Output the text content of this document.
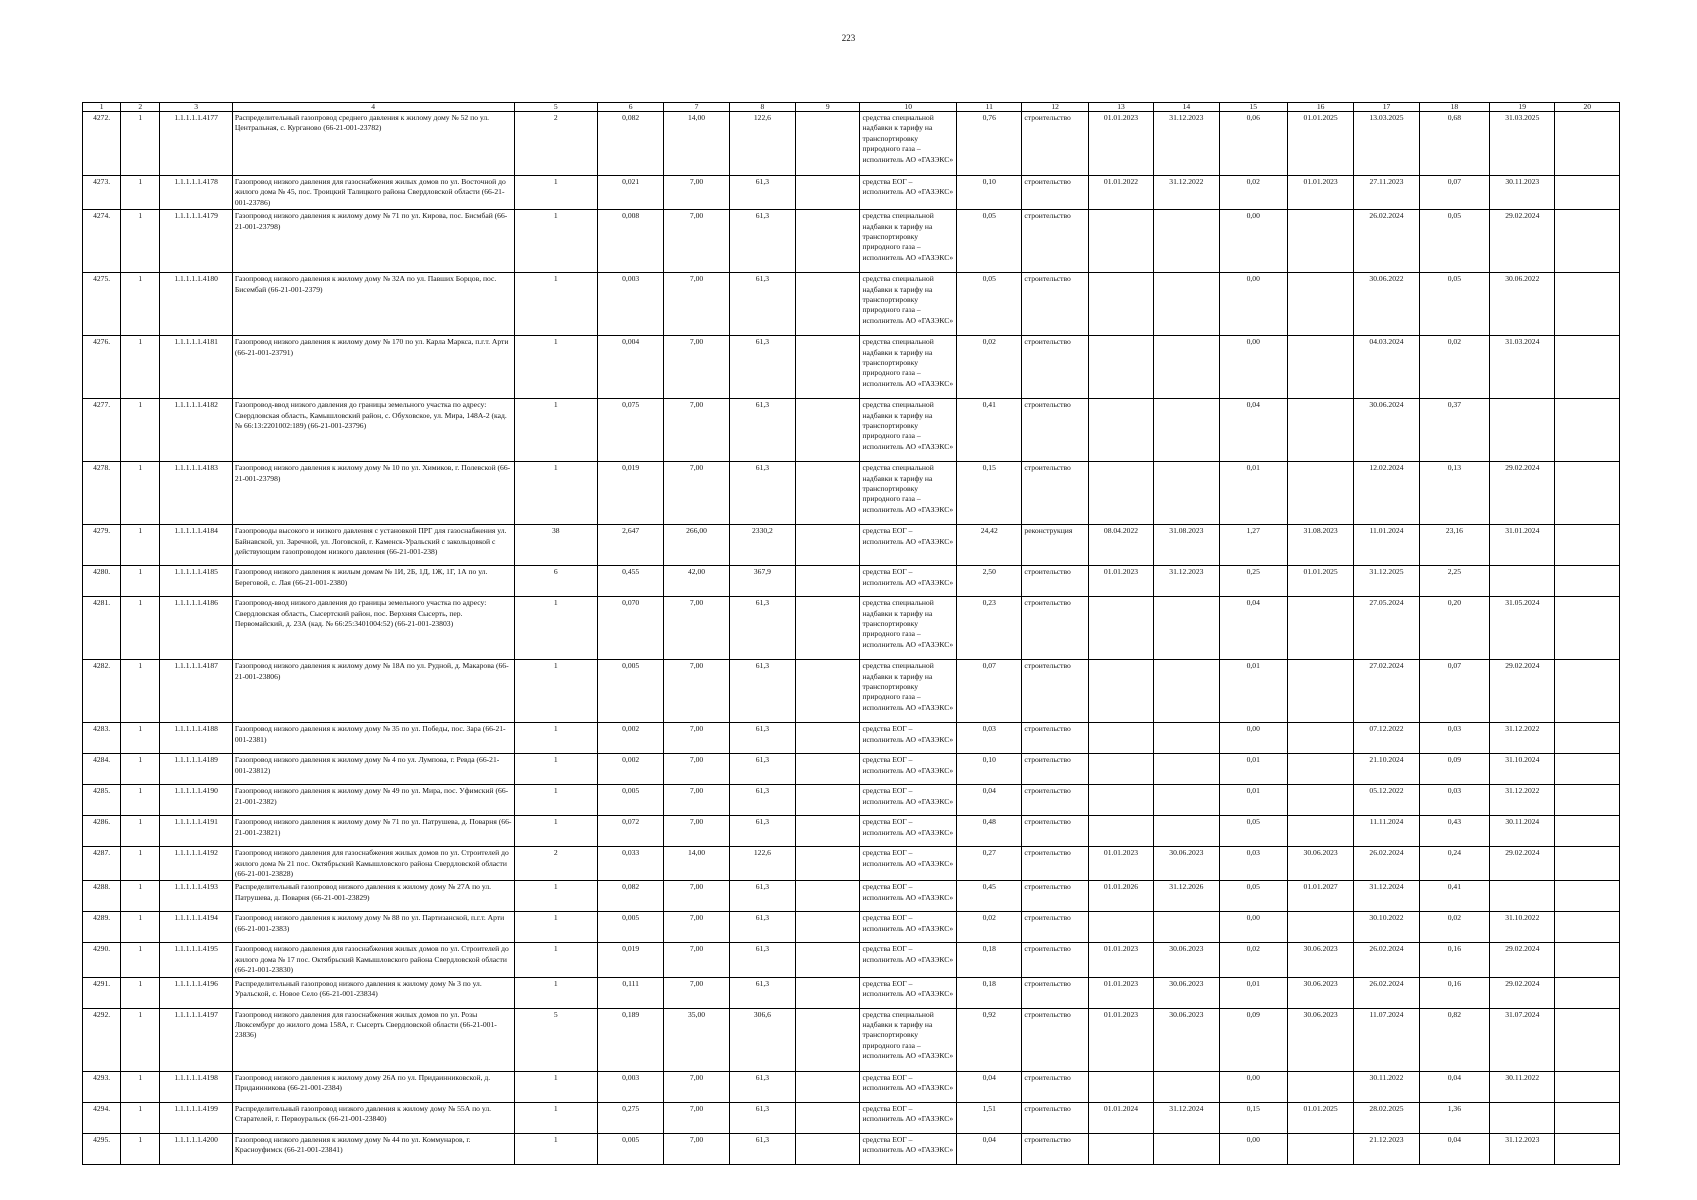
223
1	2	3	4	5	6	7	8	9	10	11	12	13	14	15	16	17	18	19	20
4272.	1	1.1.1.1.1.4177	Распределительный газопровод среднего давления к жилому дому № 52 по ул. Центральная, с. Курганово (66-21-001-23782)	2	0,082	14,00	122,6		средства специальной надбавки к тарифу на транспортировку природного газа – исполнитель АО «ГАЗЭКС»	0,76	строительство	01.01.2023	31.12.2023	0,06	01.01.2025	13.03.2025	0,68	31.03.2025	
4273.	1	1.1.1.1.1.4178	Газопровод низкого давления для газоснабжения жилых домов по ул. Восточной до жилого дома № 45, пос. Троицкий Талицкого района Свердловской области (66-21-001-23786)	1	0,021	7,00	61,3		средства ЕОГ – исполнитель АО «ГАЗЭКС»	0,10	строительство	01.01.2022	31.12.2022	0,02	01.01.2023	27.11.2023	0,07	30.11.2023	
4274.	1	1.1.1.1.1.4179	Газопровод низкого давления к жилому дому № 71 по ул. Кирова, пос. Бисмбай (66-21-001-23798)	1	0,008	7,00	61,3		средства специальной надбавки к тарифу на транспортировку природного газа – исполнитель АО «ГАЗЭКС»	0,05	строительство			0,00		26.02.2024	0,05	29.02.2024	
4275.	1	1.1.1.1.1.4180	Газопровод низкого давления к жилому дому № 32А по ул. Павших Борцов, пос. Бисембай (66-21-001-2379)	1	0,003	7,00	61,3		средства специальной надбавки к тарифу на транспортировку природного газа – исполнитель АО «ГАЗЭКС»	0,05	строительство			0,00		30.06.2022	0,05	30.06.2022	
4276.	1	1.1.1.1.1.4181	Газопровод низкого давления к жилому дому № 170 по ул. Карла Маркса, п.г.т. Арти (66-21-001-23791)	1	0,004	7,00	61,3		средства специальной надбавки к тарифу на транспортировку природного газа – исполнитель АО «ГАЗЭКС»	0,02	строительство			0,00		04.03.2024	0,02	31.03.2024	
4277.	1	1.1.1.1.1.4182	Газопровод-ввод низкого давления до границы земельного участка по адресу: Свердловская область, Камышловский район, с. Обуховское, ул. Мира, 148А-2 (кад. № 66:13:2201002:189) (66-21-001-23796)	1	0,075	7,00	61,3		средства специальной надбавки к тарифу на транспортировку природного газа – исполнитель АО «ГАЗЭКС»	0,41	строительство			0,04		30.06.2024	0,37		
4278.	1	1.1.1.1.1.4183	Газопровод низкого давления к жилому дому № 10 по ул. Химиков, г. Полевской (66-21-001-23798)	1	0,019	7,00	61,3		средства специальной надбавки к тарифу на транспортировку природного газа – исполнитель АО «ГАЗЭКС»	0,15	строительство			0,01		12.02.2024	0,13	29.02.2024	
4279.	1	1.1.1.1.1.4184	Газопроводы высокого и низкого давления с установкой ПРГ для газоснабжения ул. Байнавской, ул. Заречной, ул. Логовской, г. Каменск-Уральский с закольцовкой с действующим газопроводом низкого давления (66-21-001-238)	38	2,647	266,00	2330,2		средства ЕОГ – исполнитель АО «ГАЗЭКС»	24,42	реконструкция	08.04.2022	31.08.2023	1,27	31.08.2023	11.01.2024	23,16	31.01.2024	
4280.	1	1.1.1.1.1.4185	Газопровод низкого давления к жилым домам № 1И, 2Б, 1Д, 1Ж, 1Г, 1А по ул. Береговой, с. Лая (66-21-001-2380)	6	0,455	42,00	367,9		средства ЕОГ – исполнитель АО «ГАЗЭКС»	2,50	строительство	01.01.2023	31.12.2023	0,25	01.01.2025	31.12.2025	2,25		
4281.	1	1.1.1.1.1.4186	Газопровод-ввод низкого давления до границы земельного участка по адресу: Свердловская область, Сысертский район, пос. Верхняя Сысерть, пер. Первомайский, д. 23А (кад. № 66:25:3401004:52) (66-21-001-23803)	1	0,070	7,00	61,3		средства специальной надбавки к тарифу на транспортировку природного газа – исполнитель АО «ГАЗЭКС»	0,23	строительство			0,04		27.05.2024	0,20	31.05.2024	
4282.	1	1.1.1.1.1.4187	Газопровод низкого давления к жилому дому № 18А по ул. Рудной, д. Макарова (66-21-001-23806)	1	0,005	7,00	61,3		средства специальной надбавки к тарифу на транспортировку природного газа – исполнитель АО «ГАЗЭКС»	0,07	строительство			0,01		27.02.2024	0,07	29.02.2024	
4283.	1	1.1.1.1.1.4188	Газопровод низкого давления к жилому дому № 35 по ул. Победы, пос. Зара (66-21-001-2381)	1	0,002	7,00	61,3		средства ЕОГ – исполнитель АО «ГАЗЭКС»	0,03	строительство			0,00		07.12.2022	0,03	31.12.2022	
4284.	1	1.1.1.1.1.4189	Газопровод низкого давления к жилому дому № 4 по ул. Лумпова, г. Ревда (66-21-001-23812)	1	0,002	7,00	61,3		средства ЕОГ – исполнитель АО «ГАЗЭКС»	0,10	строительство			0,01		21.10.2024	0,09	31.10.2024	
4285.	1	1.1.1.1.1.4190	Газопровод низкого давления к жилому дому № 49 по ул. Мира, пос. Уфимский (66-21-001-2382)	1	0,005	7,00	61,3		средства ЕОГ – исполнитель АО «ГАЗЭКС»	0,04	строительство			0,01		05.12.2022	0,03	31.12.2022	
4286.	1	1.1.1.1.1.4191	Газопровод низкого давления к жилому дому № 71 по ул. Патрушева, д. Поварня (66-21-001-23821)	1	0,072	7,00	61,3		средства ЕОГ – исполнитель АО «ГАЗЭКС»	0,48	строительство			0,05		11.11.2024	0,43	30.11.2024	
4287.	1	1.1.1.1.1.4192	Газопровод низкого давления для газоснабжения жилых домов по ул. Строителей до жилого дома № 21 пос. Октябрьский Камышловского района Свердловской области (66-21-001-23828)	2	0,033	14,00	122,6		средства ЕОГ – исполнитель АО «ГАЗЭКС»	0,27	строительство	01.01.2023	30.06.2023	0,03	30.06.2023	26.02.2024	0,24	29.02.2024	
4288.	1	1.1.1.1.1.4193	Распределительный газопровод низкого давления к жилому дому № 27А по ул. Патрушева, д. Поварня (66-21-001-23829)	1	0,082	7,00	61,3		средства ЕОГ – исполнитель АО «ГАЗЭКС»	0,45	строительство	01.01.2026	31.12.2026	0,05	01.01.2027	31.12.2024	0,41		
4289.	1	1.1.1.1.1.4194	Газопровод низкого давления к жилому дому № 88 по ул. Партизанской, п.г.т. Арти (66-21-001-2383)	1	0,005	7,00	61,3		средства ЕОГ – исполнитель АО «ГАЗЭКС»	0,02	строительство			0,00		30.10.2022	0,02	31.10.2022	
4290.	1	1.1.1.1.1.4195	Газопровод низкого давления для газоснабжения жилых домов по ул. Строителей до жилого дома № 17 пос. Октябрьский Камышловского района Свердловской области (66-21-001-23830)	1	0,019	7,00	61,3		средства ЕОГ – исполнитель АО «ГАЗЭКС»	0,18	строительство	01.01.2023	30.06.2023	0,02	30.06.2023	26.02.2024	0,16	29.02.2024	
4291.	1	1.1.1.1.1.4196	Распределительный газопровод низкого давления к жилому дому № 3 по ул. Уральской, с. Новое Село (66-21-001-23834)	1	0,111	7,00	61,3		средства ЕОГ – исполнитель АО «ГАЗЭКС»	0,18	строительство	01.01.2023	30.06.2023	0,01	30.06.2023	26.02.2024	0,16	29.02.2024	
4292.	1	1.1.1.1.1.4197	Газопровод низкого давления для газоснабжения жилых домов по ул. Розы Люксембург до жилого дома 158А, г. Сысерть Свердловской области (66-21-001-23836)	5	0,189	35,00	306,6		средства специальной надбавки к тарифу на транспортировку природного газа – исполнитель АО «ГАЗЭКС»	0,92	строительство	01.01.2023	30.06.2023	0,09	30.06.2023	11.07.2024	0,82	31.07.2024	
4293.	1	1.1.1.1.1.4198	Газопровод низкого давления к жилому дому 26А по ул. Придаинниковской, д. Придаинникова (66-21-001-2384)	1	0,003	7,00	61,3		средства ЕОГ – исполнитель АО «ГАЗЭКС»	0,04	строительство			0,00		30.11.2022	0,04	30.11.2022	
4294.	1	1.1.1.1.1.4199	Распределительный газопровод низкого давления к жилому дому № 55А по ул. Старателей, г. Первоуральск (66-21-001-23840)	1	0,275	7,00	61,3		средства ЕОГ – исполнитель АО «ГАЗЭКС»	1,51	строительство	01.01.2024	31.12.2024	0,15	01.01.2025	28.02.2025	1,36		
4295.	1	1.1.1.1.1.4200	Газопровод низкого давления к жилому дому № 44 по ул. Коммунаров, г. Красноуфимск (66-21-001-23841)	1	0,005	7,00	61,3		средства ЕОГ – исполнитель АО «ГАЗЭКС»	0,04	строительство			0,00		21.12.2023	0,04	31.12.2023	
